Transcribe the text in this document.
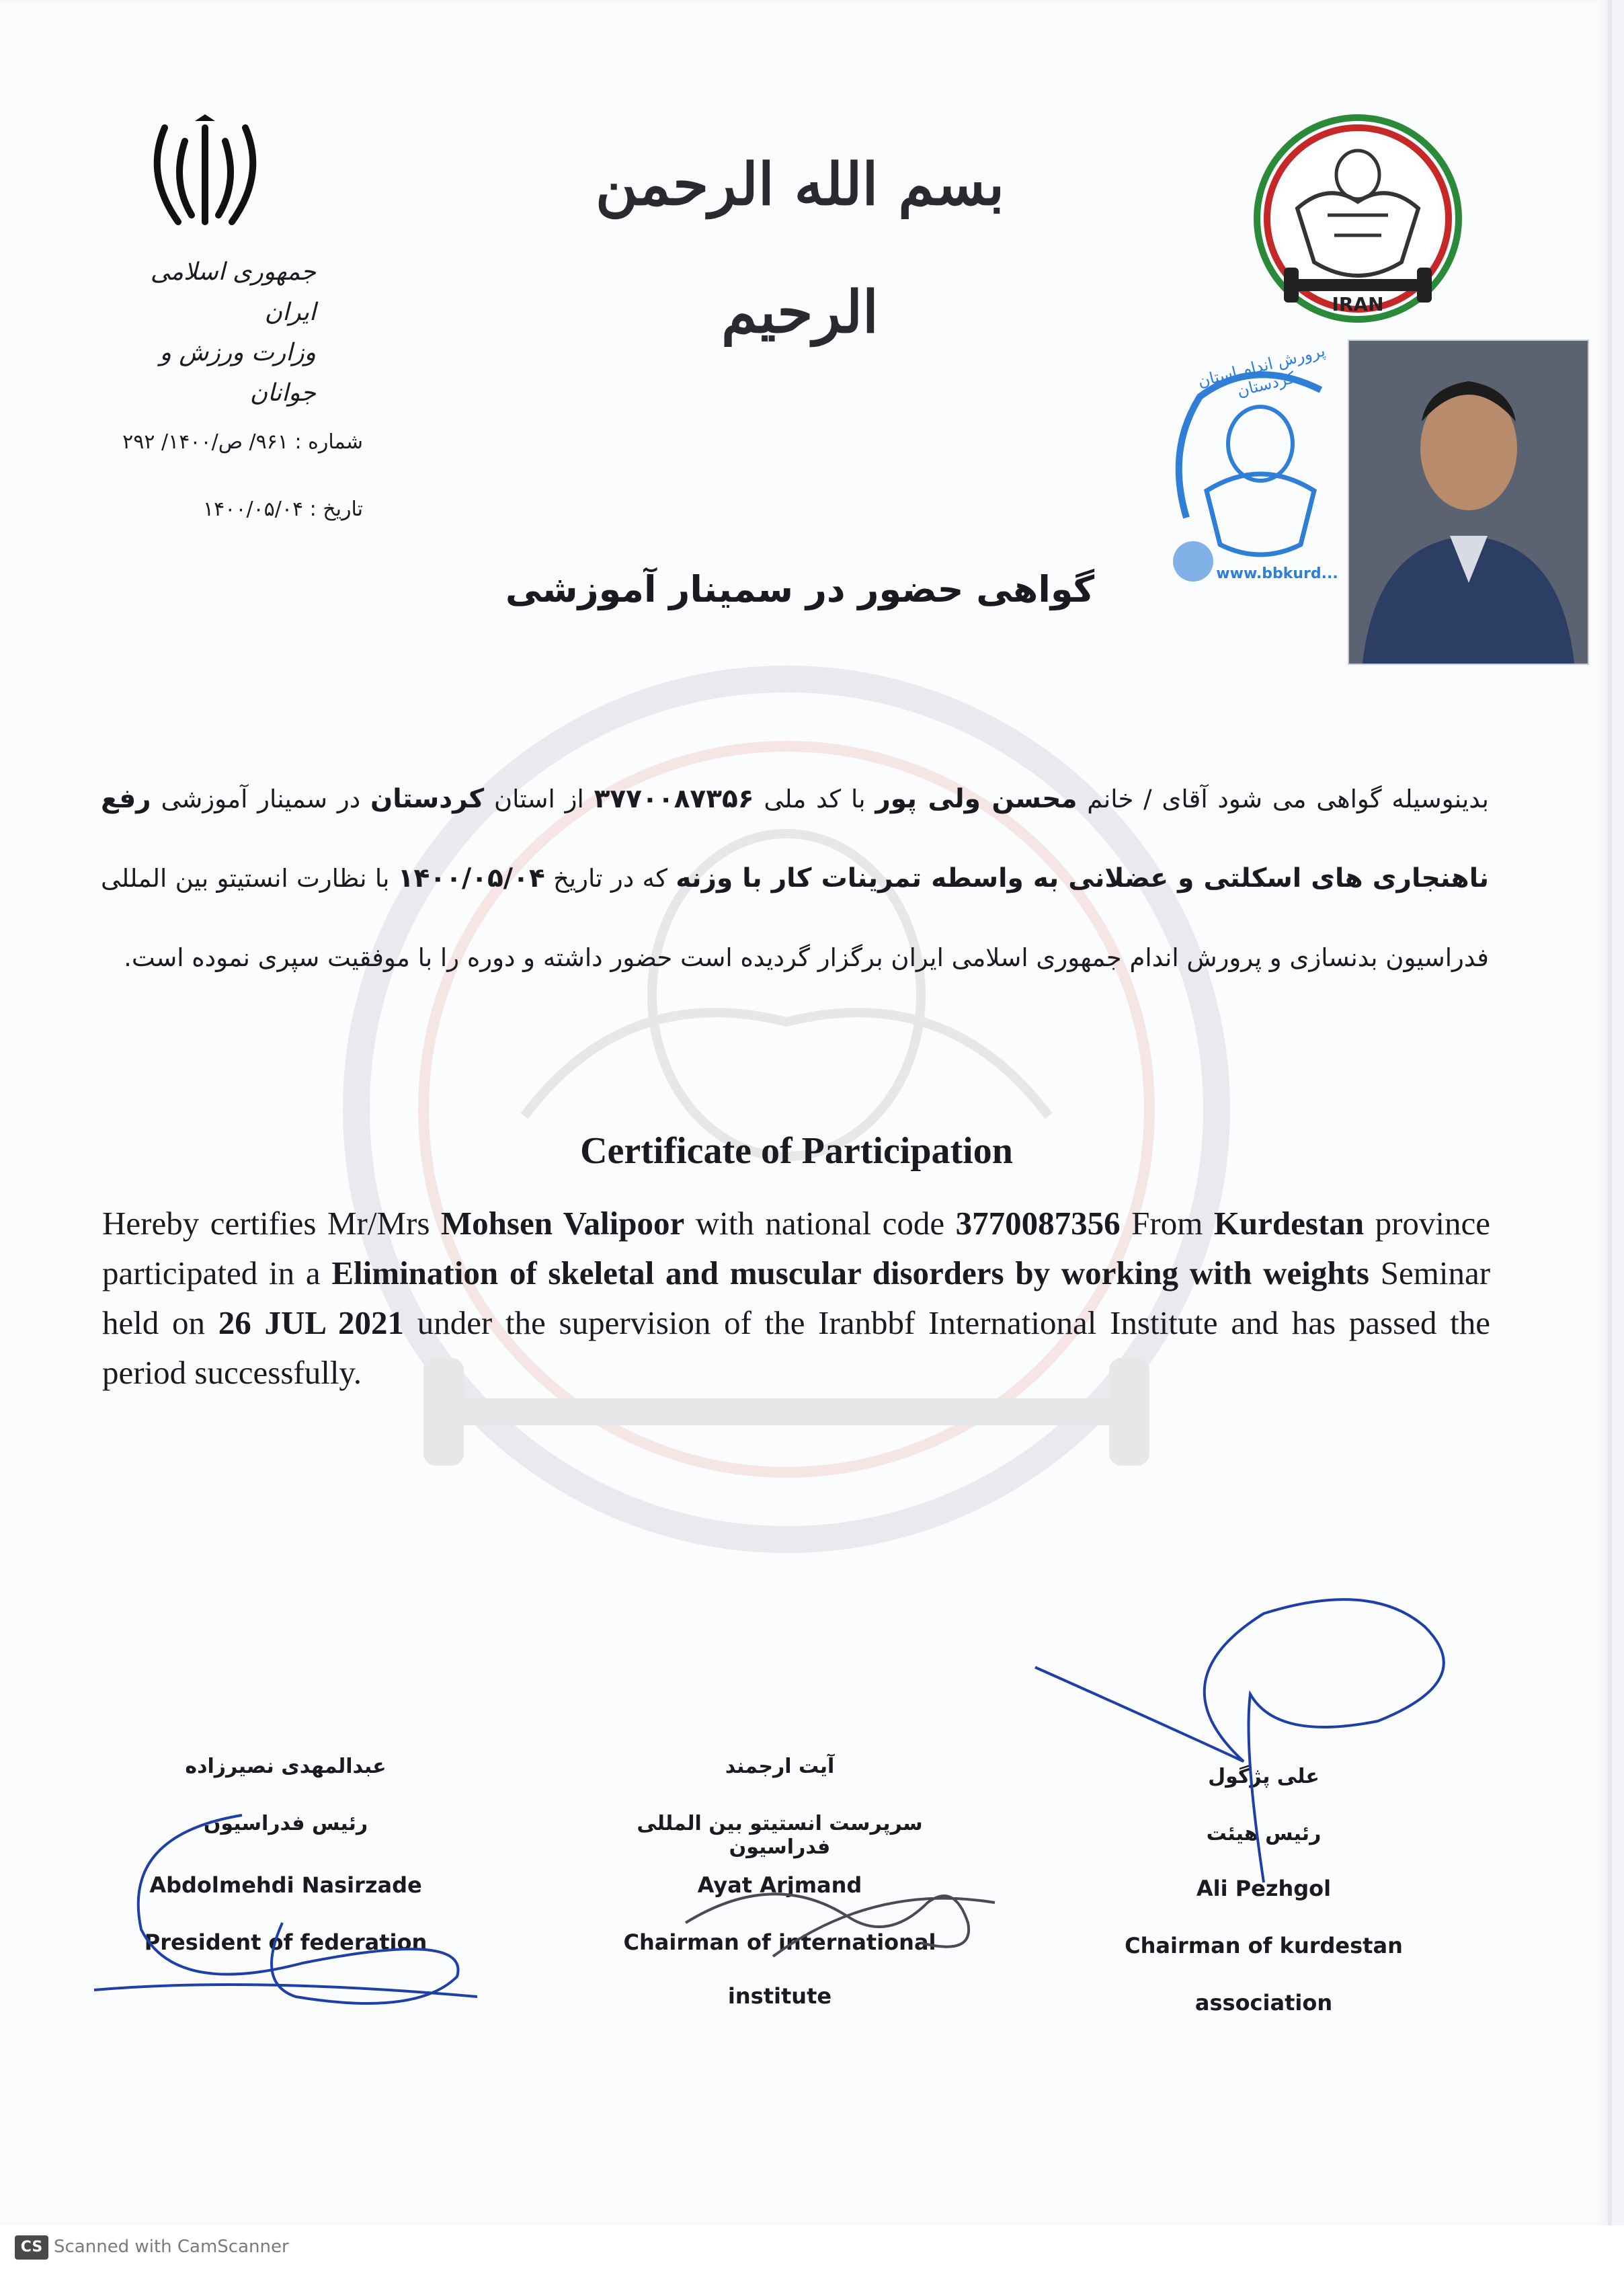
جمهوری اسلامی ایران
وزارت ورزش و جوانان
بسم الله الرحمن الرحیم	IRAN
www.bbkurd...
پرورش اندام استان کردستان
شماره : ۹۶۱/ ص/۱۴۰۰/ ۲۹۲
تاریخ : ۱۴۰۰/۰۵/۰۴
گواهی حضور در سمینار آموزشی
بدینوسیله گواهی می شود آقای / خانم محسن ولی پور با کد ملی ۳۷۷۰۰۸۷۳۵۶ از استان کردستان در سمینار آموزشی رفع ناهنجاری های اسکلتی و عضلانی به واسطه تمرینات کار با وزنه که در تاریخ ۱۴۰۰/۰۵/۰۴ با نظارت انستیتو بین المللی فدراسیون بدنسازی و پرورش اندام جمهوری اسلامی ایران برگزار گردیده است حضور داشته و دوره را با موفقیت سپری نموده است.
Certificate of Participation
Hereby certifies Mr/Mrs Mohsen Valipoor with national code 3770087356 From Kurdestan province participated in a Elimination of skeletal and muscular disorders by working with weights Seminar held on 26 JUL 2021 under the supervision of the Iranbbf International Institute and has passed the period successfully.
عبدالمهدی نصیرزاده
رئیس فدراسیون
Abdolmehdi Nasirzade
President of federation
آیت ارجمند
سرپرست انستیتو بین المللی فدراسیون
Ayat Arjmand
Chairman of international
institute
علی پژگول
رئیس هیئت
Ali Pezhgol
Chairman of kurdestan
association
CS Scanned with CamScanner
